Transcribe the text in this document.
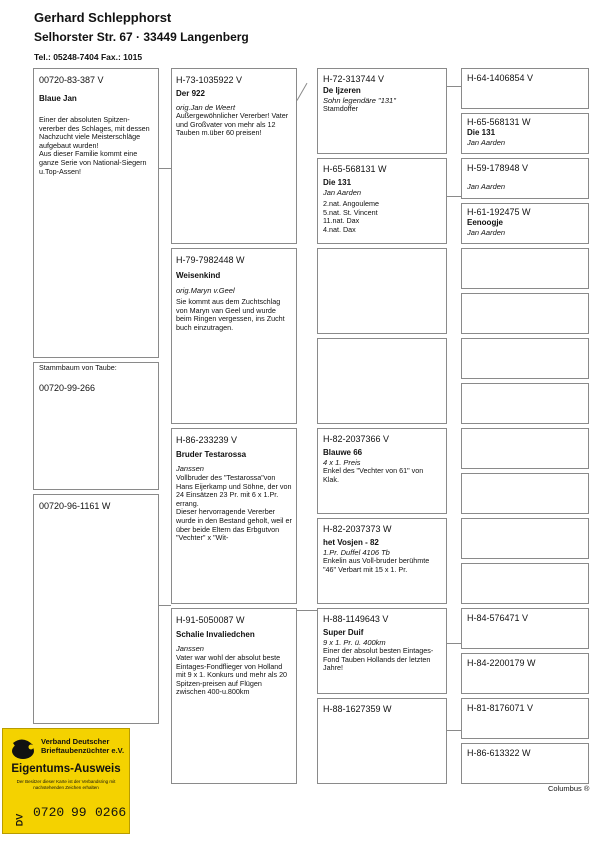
Gerhard Schlepphorst
Selhorster Str. 67 · 33449 Langenberg
Tel.: 05248-7404 Fax.: 1015
00720-83-387 V
Blaue Jan
Einer der absoluten Spitzen-vererber des Schlages, mit dessen Nachzucht viele Meisterschläge aufgebaut wurden!
Aus dieser Familie kommt eine ganze Serie von National-Siegern u.Top-Assen!
Stammbaum von Taube:
00720-99-266
00720-96-1161 W
H-73-1035922 V
Der 922
orig.Jan de Weert
Außergewöhnlicher Vererber! Vater und Großvater von mehr als 12 Tauben m.über 60 preisen!
H-79-7982448 W
Weisenkind
orig.Maryn v.Geel
Sie kommt aus dem Zuchtschlag von Maryn van Geel und wurde beim Ringen vergessen, ins Zucht buch einzutragen.
H-86-233239 V
Bruder Testarossa
Janssen
Vollbruder des "Testarossa"von Hans Eijerkamp und Söhne, der von 24 Einsätzen 23 Pr. mit 6 x 1.Pr. errang.
Dieser hervorragende Vererber wurde in den Bestand geholt, weil er über beide Eltern das Erbgutvon "Vechter" x "Wit-
H-91-5050087 W
Schalie Invaliedchen
Janssen
Vater war wohl der absolut beste Eintages-Fondflieger von Holland mit 9 x 1. Konkurs und mehr als 20 Spitzen-preisen auf Flügen zwischen 400-u.800km
H-72-313744 V
De Ijzeren
Sohn legendäre "131"
Stamdoffer
H-65-568131 W
Die 131
Jan Aarden
2.nat. Angouleme
5.nat. St. Vincent
11.nat. Dax
4.nat. Dax
H-82-2037366 V
Blauwe 66
4 x 1. Preis
Enkel des "Vechter von 61" von Klak.
H-82-2037373 W
het Vosjen - 82
1.Pr. Duffel 4106 Tb
Enkelin aus Voll-bruder berühmte "46" Verbart mit 15 x 1. Pr.
H-88-1149643 V
Super Duif
9 x 1. Pr. ü. 400km
Einer der absolut besten Eintages-Fond Tauben Hollands der letzten Jahre!
H-88-1627359 W
H-64-1406854 V
H-65-568131 W
Die 131
Jan Aarden
H-59-178948 V
Jan Aarden
H-61-192475 W
Eenoogje
Jan Aarden
H-84-576471 V
H-84-2200179 W
H-81-8176071 V
H-86-613322 W
Columbus ®
Verband Deutscher
Brieftaubenzüchter e.V.
Eigentums-Ausweis
Der Besitzer dieser Karte ist der Verbandsring mit nachstehenden Zeichen erhalten
DV 0720 99 0266
